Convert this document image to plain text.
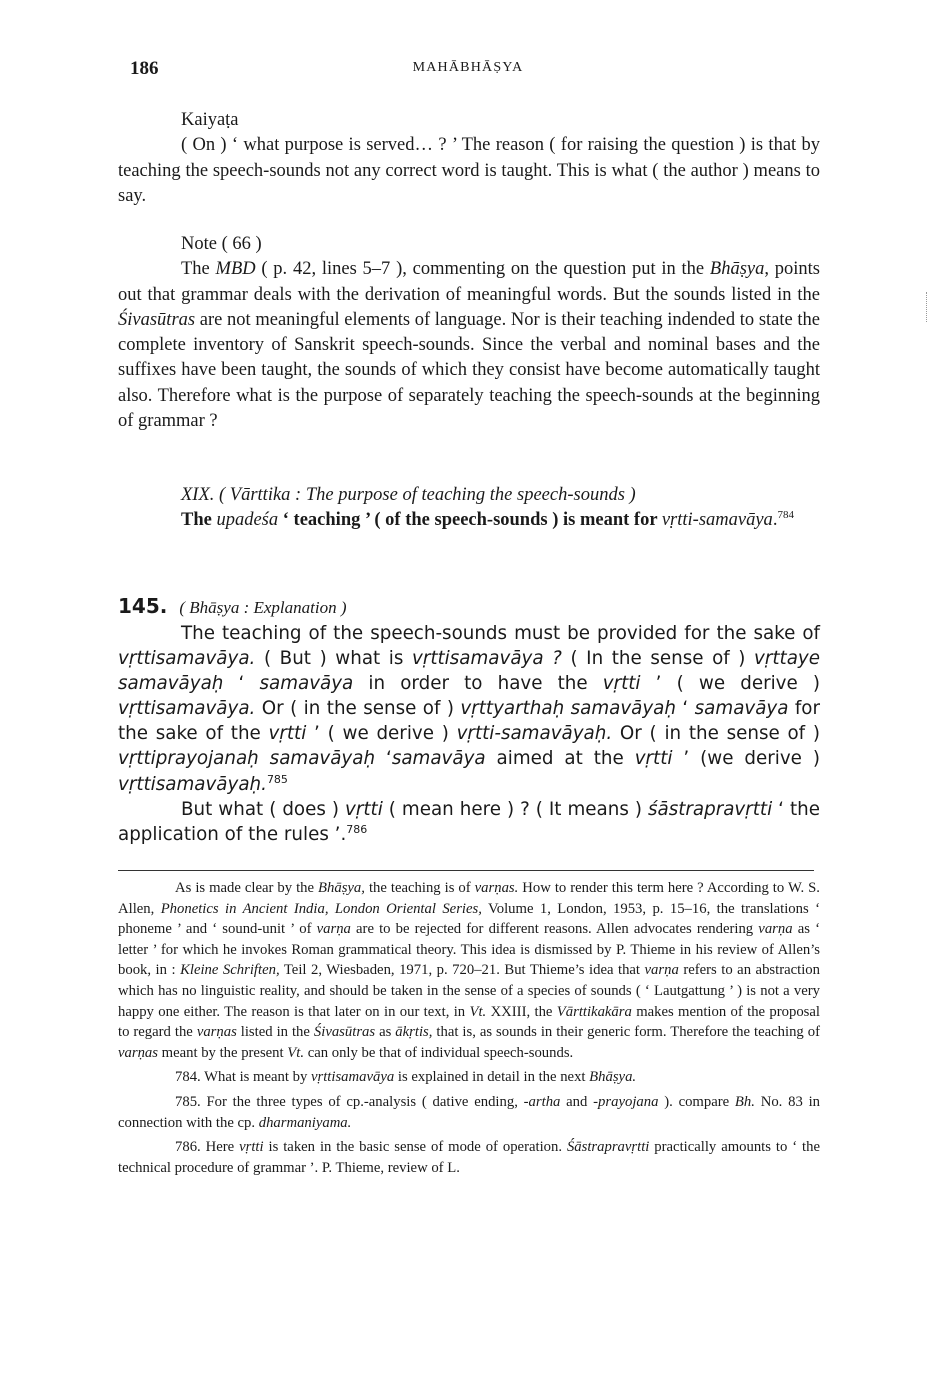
186	MAHĀBHĀṢYA

Kaiyaṭa

( On ) ‘ what purpose is served… ? ’ The reason ( for raising the question ) is that by teaching the speech-sounds not any correct word is taught. This is what ( the author ) means to say.

Note ( 66 )

The MBD ( p. 42, lines 5–7 ), commenting on the question put in the Bhāṣya, points out that grammar deals with the derivation of meaningful words. But the sounds listed in the Śivasūtras are not meaningful elements of language. Nor is their teaching indended to state the complete inventory of Sanskrit speech-sounds. Since the verbal and nominal bases and the suffixes have been taught, the sounds of which they consist have become automatically taught also. Therefore what is the purpose of separately teaching the speech-sounds at the beginning of grammar ?

XIX. ( Vārttika : The purpose of teaching the speech-sounds )

The upadeśa ‘ teaching ’ ( of the speech-sounds ) is meant for vṛtti-samavāya.$^{784}$

145. ( Bhāṣya : Explanation )

The teaching of the speech-sounds must be provided for the sake of vṛttisamavāya. ( But ) what is vṛttisamavāya ? ( In the sense of ) vṛttaye samavāyaḥ ‘ samavāya in order to have the vṛtti ’ ( we derive ) vṛttisamavāya. Or ( in the sense of ) vṛttyarthaḥ samavāyaḥ ‘ samavāya for the sake of the vṛtti ’ ( we derive ) vṛtti-samavāyaḥ. Or ( in the sense of ) vṛttiprayojanaḥ samavāyaḥ ‘samavāya aimed at the vṛtti ’ (we derive ) vṛttisamavāyaḥ.$^{785}$

But what ( does ) vṛtti ( mean here ) ? ( It means ) śāstrapravṛtti ‘ the application of the rules ’.$^{786}$

As is made clear by the Bhāṣya, the teaching is of varṇas. How to render this term here ? According to W. S. Allen, Phonetics in Ancient India, London Oriental Series, Volume 1, London, 1953, p. 15–16, the translations ‘ phoneme ’ and ‘ sound-unit ’ of varṇa are to be rejected for different reasons. Allen advocates rendering varṇa as ‘ letter ’ for which he invokes Roman grammatical theory. This idea is dismissed by P. Thieme in his review of Allen’s book, in : Kleine Schriften, Teil 2, Wiesbaden, 1971, p. 720–21. But Thieme’s idea that varṇa refers to an abstraction which has no linguistic reality, and should be taken in the sense of a species of sounds ( ‘ Lautgattung ’ ) is not a very happy one either. The reason is that later on in our text, in Vt. XXIII, the Vārttikakāra makes mention of the proposal to regard the varṇas listed in the Śivasūtras as ākṛtis, that is, as sounds in their generic form. Therefore the teaching of varṇas meant by the present Vt. can only be that of individual speech-sounds.

784. What is meant by vṛttisamavāya is explained in detail in the next Bhāṣya.

785. For the three types of cp.-analysis ( dative ending, -artha and -prayojana ). compare Bh. No. 83 in connection with the cp. dharmaniyama.

786. Here vṛtti is taken in the basic sense of mode of operation. Śāstrapravṛtti practically amounts to ‘ the technical procedure of grammar ’. P. Thieme, review of L.
